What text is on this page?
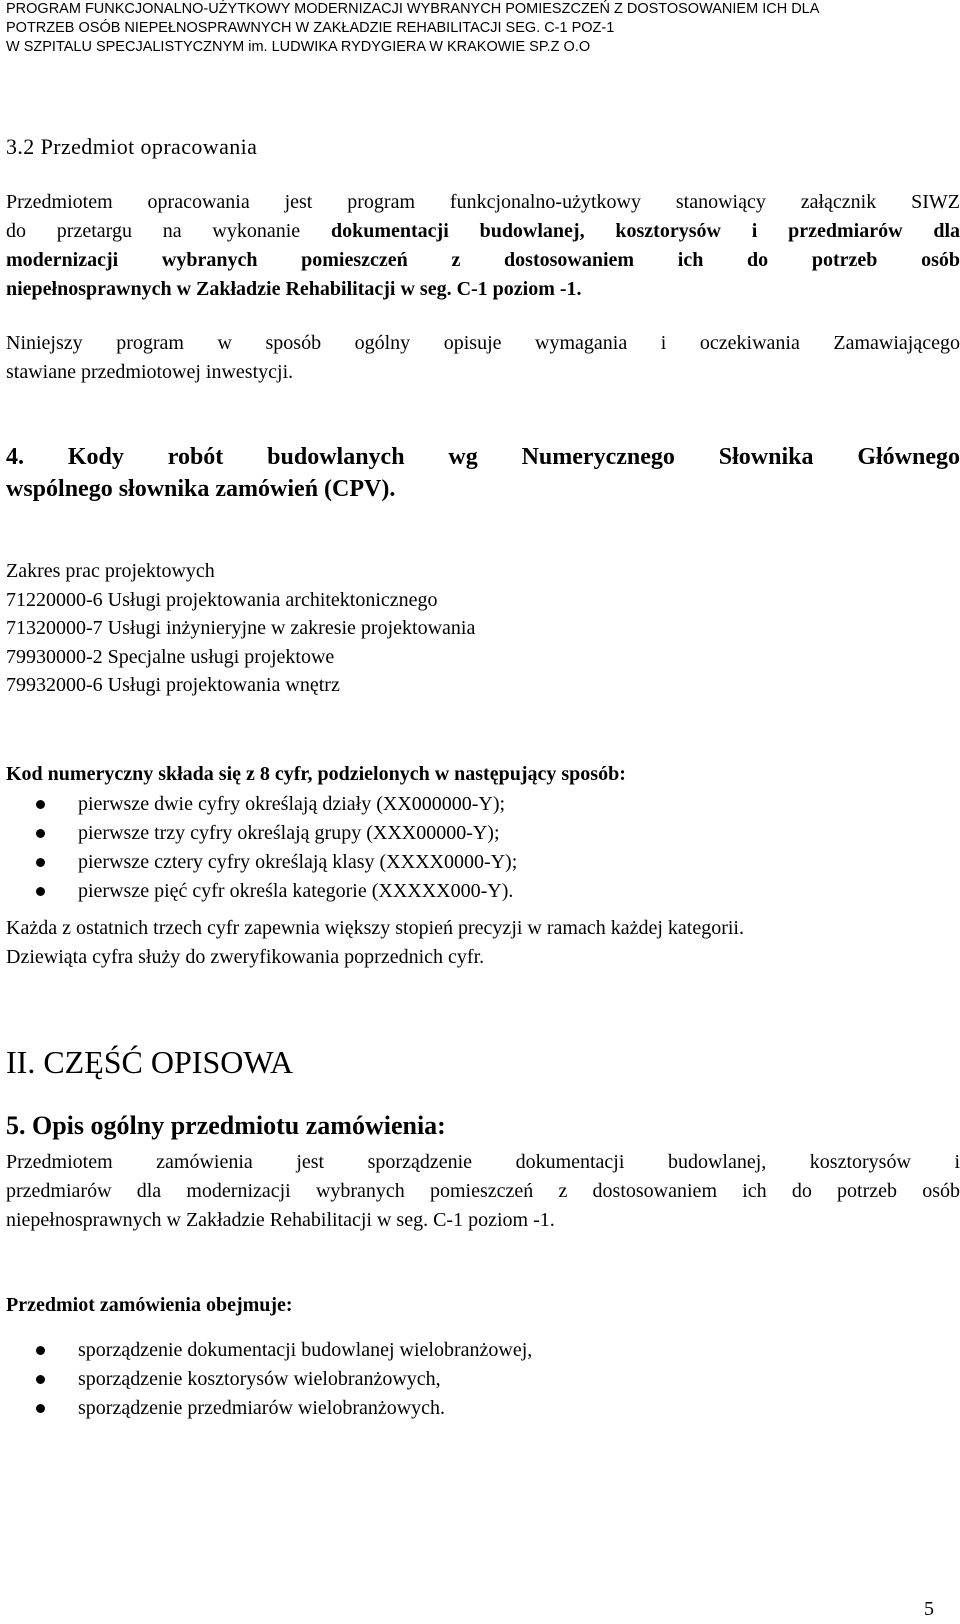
PROGRAM FUNKCJONALNO-UŻYTKOWY MODERNIZACJI WYBRANYCH POMIESZCZEŃ Z DOSTOSOWANIEM ICH DLA
POTRZEB OSÓB NIEPEŁNOSPRAWNYCH W ZAKŁADZIE REHABILITACJI SEG. C-1 POZ-1
W SZPITALU SPECJALISTYCZNYM im. LUDWIKA RYDYGIERA W KRAKOWIE SP.Z O.O
3.2 Przedmiot opracowania
Przedmiotem opracowania jest program funkcjonalno-użytkowy stanowiący załącznik SIWZ
do przetargu na wykonanie dokumentacji budowlanej, kosztorysów i przedmiarów dla
modernizacji wybranych pomieszczeń z dostosowaniem ich do potrzeb osób
niepełnosprawnych w Zakładzie Rehabilitacji w seg. C-1 poziom -1.
Niniejszy program w sposób ogólny opisuje wymagania i oczekiwania Zamawiającego
stawiane przedmiotowej inwestycji.
4. Kody robót budowlanych wg Numerycznego Słownika Głównego
wspólnego słownika zamówień (CPV).
Zakres prac projektowych
71220000-6 Usługi projektowania architektonicznego
71320000-7 Usługi inżynieryjne w zakresie projektowania
79930000-2 Specjalne usługi projektowe
79932000-6 Usługi projektowania wnętrz
Kod numeryczny składa się z 8 cyfr, podzielonych w następujący sposób:
pierwsze dwie cyfry określają działy (XX000000-Y);
pierwsze trzy cyfry określają grupy (XXX00000-Y);
pierwsze cztery cyfry określają klasy (XXXX0000-Y);
pierwsze pięć cyfr określa kategorie (XXXXX000-Y).
Każda z ostatnich trzech cyfr zapewnia większy stopień precyzji w ramach każdej kategorii.
Dziewiąta cyfra służy do zweryfikowania poprzednich cyfr.
II. CZĘŚĆ OPISOWA
5. Opis ogólny przedmiotu zamówienia:
Przedmiotem zamówienia jest sporządzenie dokumentacji budowlanej, kosztorysów i
przedmiarów dla modernizacji wybranych pomieszczeń z dostosowaniem ich do potrzeb osób
niepełnosprawnych w Zakładzie Rehabilitacji w seg. C-1 poziom -1.
Przedmiot zamówienia obejmuje:
sporządzenie dokumentacji budowlanej wielobranżowej,
sporządzenie kosztorysów wielobranżowych,
sporządzenie przedmiarów wielobranżowych.
5
